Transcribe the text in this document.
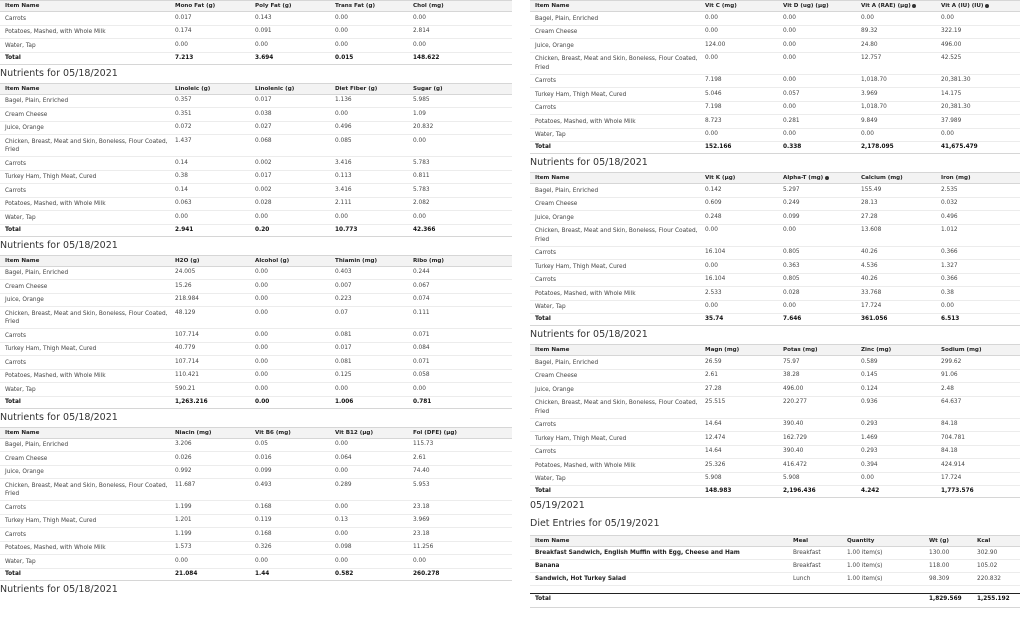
Item Name	Mono Fat (g)	Poly Fat (g)	Trans Fat (g)	Chol (mg)
Carrots	0.017	0.143	0.00	0.00
Potatoes, Mashed, with Whole Milk	0.174	0.091	0.00	2.814
Water, Tap	0.00	0.00	0.00	0.00
Total	7.213	3.694	0.015	148.622
Nutrients for 05/18/2021
Item Name	Linoleic (g)	Linolenic (g)	Diet Fiber (g)	Sugar (g)
Bagel, Plain, Enriched	0.357	0.017	1.136	5.985
Cream Cheese	0.351	0.038	0.00	1.09
Juice, Orange	0.072	0.027	0.496	20.832
Chicken, Breast, Meat and Skin, Boneless, Flour Coated, Fried	1.437	0.068	0.085	0.00
Carrots	0.14	0.002	3.416	5.783
Turkey Ham, Thigh Meat, Cured	0.38	0.017	0.113	0.811
Carrots	0.14	0.002	3.416	5.783
Potatoes, Mashed, with Whole Milk	0.063	0.028	2.111	2.082
Water, Tap	0.00	0.00	0.00	0.00
Total	2.941	0.20	10.773	42.366
Nutrients for 05/18/2021
Item Name	H2O (g)	Alcohol (g)	Thiamin (mg)	Ribo (mg)
Bagel, Plain, Enriched	24.005	0.00	0.403	0.244
Cream Cheese	15.26	0.00	0.007	0.067
Juice, Orange	218.984	0.00	0.223	0.074
Chicken, Breast, Meat and Skin, Boneless, Flour Coated, Fried	48.129	0.00	0.07	0.111
Carrots	107.714	0.00	0.081	0.071
Turkey Ham, Thigh Meat, Cured	40.779	0.00	0.017	0.084
Carrots	107.714	0.00	0.081	0.071
Potatoes, Mashed, with Whole Milk	110.421	0.00	0.125	0.058
Water, Tap	590.21	0.00	0.00	0.00
Total	1,263.216	0.00	1.006	0.781
Nutrients for 05/18/2021
Item Name	Niacin (mg)	Vit B6 (mg)	Vit B12 (µg)	Fol (DFE) (µg)
Bagel, Plain, Enriched	3.206	0.05	0.00	115.73
Cream Cheese	0.026	0.016	0.064	2.61
Juice, Orange	0.992	0.099	0.00	74.40
Chicken, Breast, Meat and Skin, Boneless, Flour Coated, Fried	11.687	0.493	0.289	5.953
Carrots	1.199	0.168	0.00	23.18
Turkey Ham, Thigh Meat, Cured	1.201	0.119	0.13	3.969
Carrots	1.199	0.168	0.00	23.18
Potatoes, Mashed, with Whole Milk	1.573	0.326	0.098	11.256
Water, Tap	0.00	0.00	0.00	0.00
Total	21.084	1.44	0.582	260.278
Nutrients for 05/18/2021
Item Name	Vit C (mg)	Vit D (ug) (µg)	Vit A (RAE) (µg)	Vit A (IU) (IU)
Bagel, Plain, Enriched	0.00	0.00	0.00	0.00
Cream Cheese	0.00	0.00	89.32	322.19
Juice, Orange	124.00	0.00	24.80	496.00
Chicken, Breast, Meat and Skin, Boneless, Flour Coated, Fried	0.00	0.00	12.757	42.525
Carrots	7.198	0.00	1,018.70	20,381.30
Turkey Ham, Thigh Meat, Cured	5.046	0.057	3.969	14.175
Carrots	7.198	0.00	1,018.70	20,381.30
Potatoes, Mashed, with Whole Milk	8.723	0.281	9.849	37.989
Water, Tap	0.00	0.00	0.00	0.00
Total	152.166	0.338	2,178.095	41,675.479
Nutrients for 05/18/2021
Item Name	Vit K (µg)	Alpha-T (mg)	Calcium (mg)	Iron (mg)
Bagel, Plain, Enriched	0.142	5.297	155.49	2.535
Cream Cheese	0.609	0.249	28.13	0.032
Juice, Orange	0.248	0.099	27.28	0.496
Chicken, Breast, Meat and Skin, Boneless, Flour Coated, Fried	0.00	0.00	13.608	1.012
Carrots	16.104	0.805	40.26	0.366
Turkey Ham, Thigh Meat, Cured	0.00	0.363	4.536	1.327
Carrots	16.104	0.805	40.26	0.366
Potatoes, Mashed, with Whole Milk	2.533	0.028	33.768	0.38
Water, Tap	0.00	0.00	17.724	0.00
Total	35.74	7.646	361.056	6.513
Nutrients for 05/18/2021
Item Name	Magn (mg)	Potas (mg)	Zinc (mg)	Sodium (mg)
Bagel, Plain, Enriched	26.59	75.97	0.589	299.62
Cream Cheese	2.61	38.28	0.145	91.06
Juice, Orange	27.28	496.00	0.124	2.48
Chicken, Breast, Meat and Skin, Boneless, Flour Coated, Fried	25.515	220.277	0.936	64.637
Carrots	14.64	390.40	0.293	84.18
Turkey Ham, Thigh Meat, Cured	12.474	162.729	1.469	704.781
Carrots	14.64	390.40	0.293	84.18
Potatoes, Mashed, with Whole Milk	25.326	416.472	0.394	424.914
Water, Tap	5.908	5.908	0.00	17.724
Total	148.983	2,196.436	4.242	1,773.576
05/19/2021
Diet Entries for 05/19/2021
Item Name	Meal	Quantity	Wt (g)	Kcal
Breakfast Sandwich, English Muffin with Egg, Cheese and Ham	Breakfast	1.00 item(s)	130.00	302.90
Banana	Breakfast	1.00 item(s)	118.00	105.02
Sandwich, Hot Turkey Salad	Lunch	1.00 item(s)	98.309	220.832

Total			1,829.569	1,255.192
